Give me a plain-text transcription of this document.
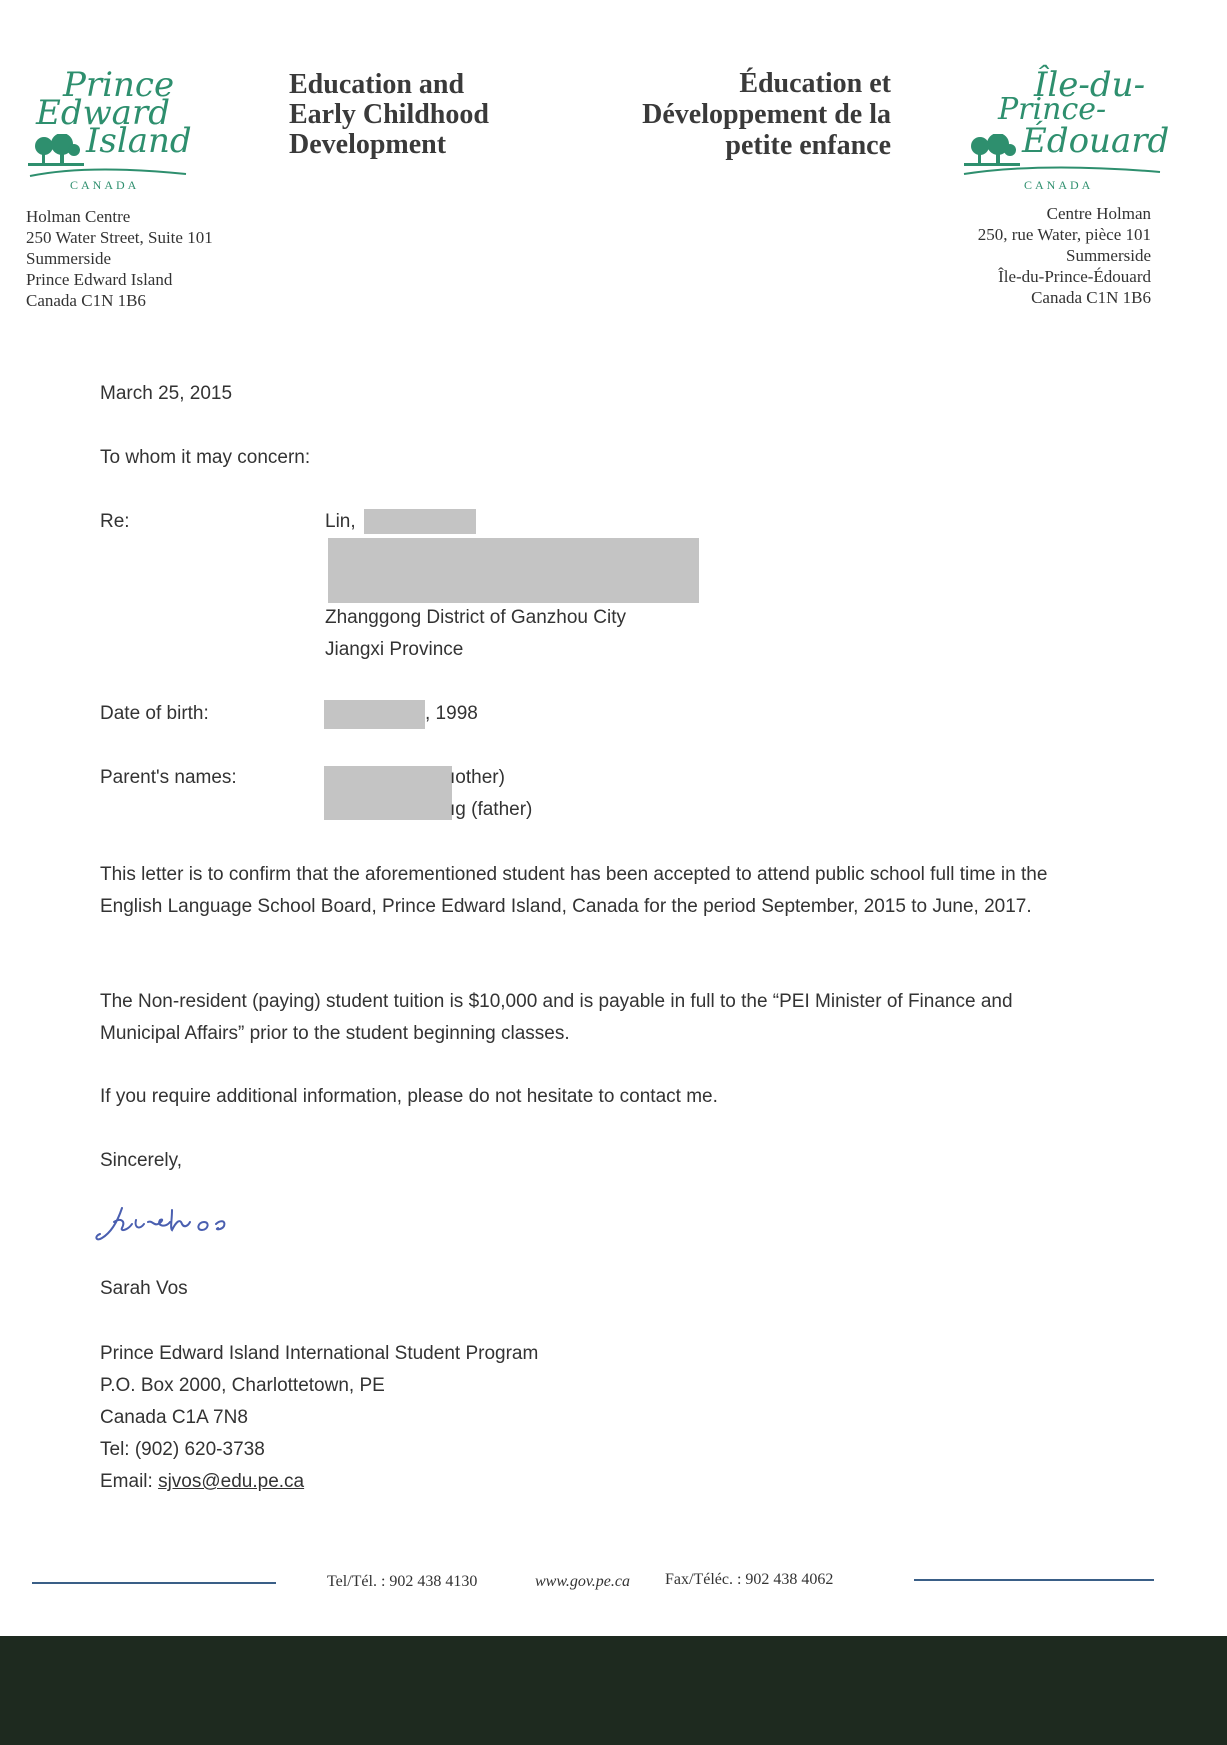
Prince
Edward
Island
CANADA
Île-du-
Prince-
Édouard
CANADA
Education and
Early Childhood
Development
Éducation et
Développement de la
petite enfance
Holman Centre
250 Water Street, Suite 101
Summerside
Prince Edward Island
Canada C1N 1B6
Centre Holman
250, rue Water, pièce 101
Summerside
Île-du-Prince-Édouard
Canada C1N 1B6
March 25, 2015
To whom it may concern:
Re:	Lin,
Zhanggong District of Ganzhou City
Jiangxi Province
Date of birth:	, 1998
Parent's names:	ıother)
ıg (father)
This letter is to confirm that the aforementioned student has been accepted to attend public school full time in the English Language School Board, Prince Edward Island, Canada for the period September, 2015 to June, 2017.
The Non-resident (paying) student tuition is $10,000 and is payable in full to the “PEI Minister of Finance and Municipal Affairs” prior to the student beginning classes.
If you require additional information, please do not hesitate to contact me.
Sincerely,
Sarah Vos
Prince Edward Island International Student Program
P.O. Box 2000, Charlottetown, PE
Canada C1A 7N8
Tel: (902) 620-3738
Email: sjvos@edu.pe.ca
Tel/Tél. : 902 438 4130	www.gov.pe.ca Fax/Téléc. : 902 438 4062
